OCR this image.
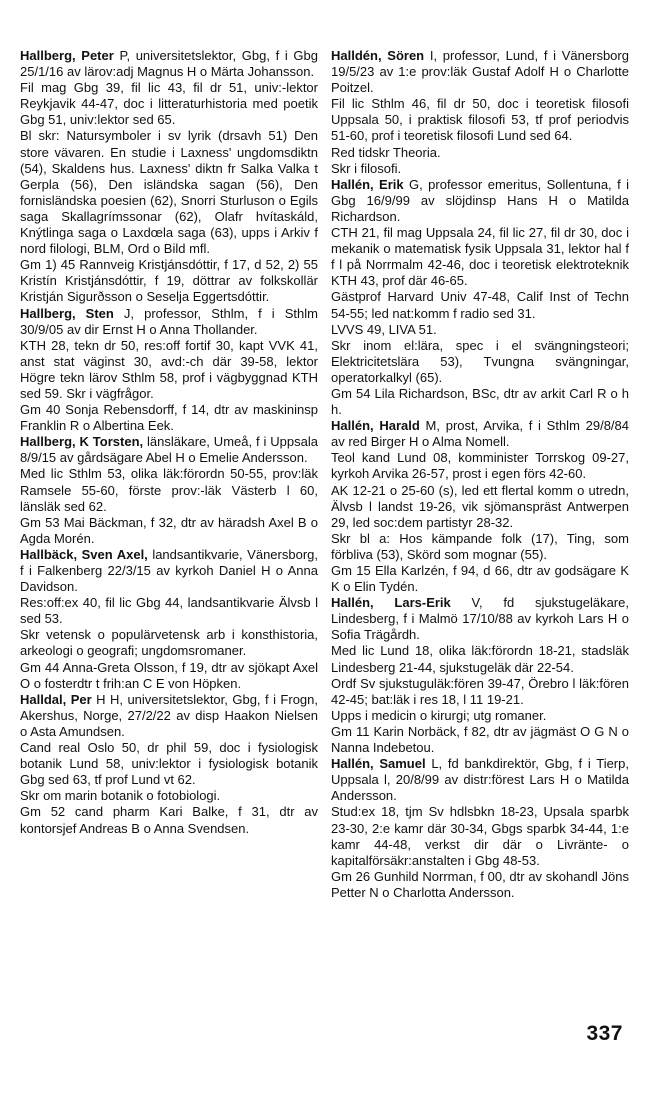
Hallberg, Peter P, universitetslektor, Gbg, f i Gbg 25/1/16 av lärov:adj Magnus H o Märta Johansson.

Fil mag Gbg 39, fil lic 43, fil dr 51, univ:-lektor Reykjavik 44-47, doc i litteraturhistoria med poetik Gbg 51, univ:lektor sed 65.

Bl skr: Natursymboler i sv lyrik (drsavh 51) Den store vävaren. En studie i Laxness' ungdomsdiktn (54), Skaldens hus. Laxness' diktn fr Salka Valka t Gerpla (56), Den isländska sagan (56), Den fornisländska poesien (62), Snorri Sturluson o Egils saga Skallagrímssonar (62), Olafr hvítaskáld, Knýtlinga saga o Laxdœla saga (63), upps i Arkiv f nord filologi, BLM, Ord o Bild mfl.

Gm 1) 45 Rannveig Kristjánsdóttir, f 17, d 52, 2) 55 Kristín Kristjánsdóttir, f 19, döttrar av folkskollär Kristján Sigurðsson o Seselja Eggertsdóttir.

Hallberg, Sten J, professor, Sthlm, f i Sthlm 30/9/05 av dir Ernst H o Anna Thollander.

KTH 28, tekn dr 50, res:off fortif 30, kapt VVK 41, anst stat väginst 30, avd:-ch där 39-58, lektor Högre tekn lärov Sthlm 58, prof i vägbyggnad KTH sed 59. Skr i vägfrågor.

Gm 40 Sonja Rebensdorff, f 14, dtr av maskininsp Franklin R o Albertina Eek.

Hallberg, K Torsten, länsläkare, Umeå, f i Uppsala 8/9/15 av gårdsägare Abel H o Emelie Andersson.

Med lic Sthlm 53, olika läk:förordn 50-55, prov:läk Ramsele 55-60, förste prov:-läk Västerb l 60, länsläk sed 62.

Gm 53 Mai Bäckman, f 32, dtr av häradsh Axel B o Agda Morén.

Hallbäck, Sven Axel, landsantikvarie, Vänersborg, f i Falkenberg 22/3/15 av kyrkoh Daniel H o Anna Davidson.

Res:off:ex 40, fil lic Gbg 44, landsantikvarie Älvsb l sed 53.

Skr vetensk o populärvetensk arb i konsthistoria, arkeologi o geografi; ungdomsromaner.

Gm 44 Anna-Greta Olsson, f 19, dtr av sjökapt Axel O o fosterdtr t frih:an C E von Höpken.

Halldal, Per H H, universitetslektor, Gbg, f i Frogn, Akershus, Norge, 27/2/22 av disp Haakon Nielsen o Asta Amundsen.

Cand real Oslo 50, dr phil 59, doc i fysiologisk botanik Lund 58, univ:lektor i fysiologisk botanik Gbg sed 63, tf prof Lund vt 62.

Skr om marin botanik o fotobiologi.

Gm 52 cand pharm Kari Balke, f 31, dtr av kontorsjef Andreas B o Anna Svendsen.

Halldén, Sören I, professor, Lund, f i Vänersborg 19/5/23 av 1:e prov:läk Gustaf Adolf H o Charlotte Poitzel.

Fil lic Sthlm 46, fil dr 50, doc i teoretisk filosofi Uppsala 50, i praktisk filosofi 53, tf prof periodvis 51-60, prof i teoretisk filosofi Lund sed 64.

Red tidskr Theoria.

Skr i filosofi.

Hallén, Erik G, professor emeritus, Sollentuna, f i Gbg 16/9/99 av slöjdinsp Hans H o Matilda Richardson.

CTH 21, fil mag Uppsala 24, fil lic 27, fil dr 30, doc i mekanik o matematisk fysik Uppsala 31, lektor hal f f l på Norrmalm 42-46, doc i teoretisk elektroteknik KTH 43, prof där 46-65.

Gästprof Harvard Univ 47-48, Calif Inst of Techn 54-55; led nat:komm f radio sed 31.

LVVS 49, LIVA 51.

Skr inom el:lära, spec i el svängningsteori; Elektricitetslära 53), Tvungna svängningar, operatorkalkyl (65).

Gm 54 Lila Richardson, BSc, dtr av arkit Carl R o h h.

Hallén, Harald M, prost, Arvika, f i Sthlm 29/8/84 av red Birger H o Alma Nomell.

Teol kand Lund 08, komminister Torrskog 09-27, kyrkoh Arvika 26-57, prost i egen förs 42-60.

AK 12-21 o 25-60 (s), led ett flertal komm o utredn, Älvsb l landst 19-26, vik sjömanspräst Antwerpen 29, led soc:dem partistyr 28-32.

Skr bl a: Hos kämpande folk (17), Ting, som förbliva (53), Skörd som mognar (55).

Gm 15 Ella Karlzén, f 94, d 66, dtr av godsägare K K o Elin Tydén.

Hallén, Lars-Erik V, fd sjukstugeläkare, Lindesberg, f i Malmö 17/10/88 av kyrkoh Lars H o Sofia Trägårdh.

Med lic Lund 18, olika läk:förordn 18-21, stadsläk Lindesberg 21-44, sjukstugeläk där 22-54.

Ordf Sv sjukstuguläk:fören 39-47, Örebro l läk:fören 42-45; bat:läk i res 18, l 11 19-21.

Upps i medicin o kirurgi; utg romaner.

Gm 11 Karin Norbäck, f 82, dtr av jägmäst O G N o Nanna Indebetou.

Hallén, Samuel L, fd bankdirektör, Gbg, f i Tierp, Uppsala l, 20/8/99 av distr:förest Lars H o Matilda Andersson.

Stud:ex 18, tjm Sv hdlsbkn 18-23, Upsala sparbk 23-30, 2:e kamr där 30-34, Gbgs sparbk 34-44, 1:e kamr 44-48, verkst dir där o Livränte- o kapitalförsäkr:anstalten i Gbg 48-53.

Gm 26 Gunhild Norrman, f 00, dtr av skohandl Jöns Petter N o Charlotta Andersson.

337
